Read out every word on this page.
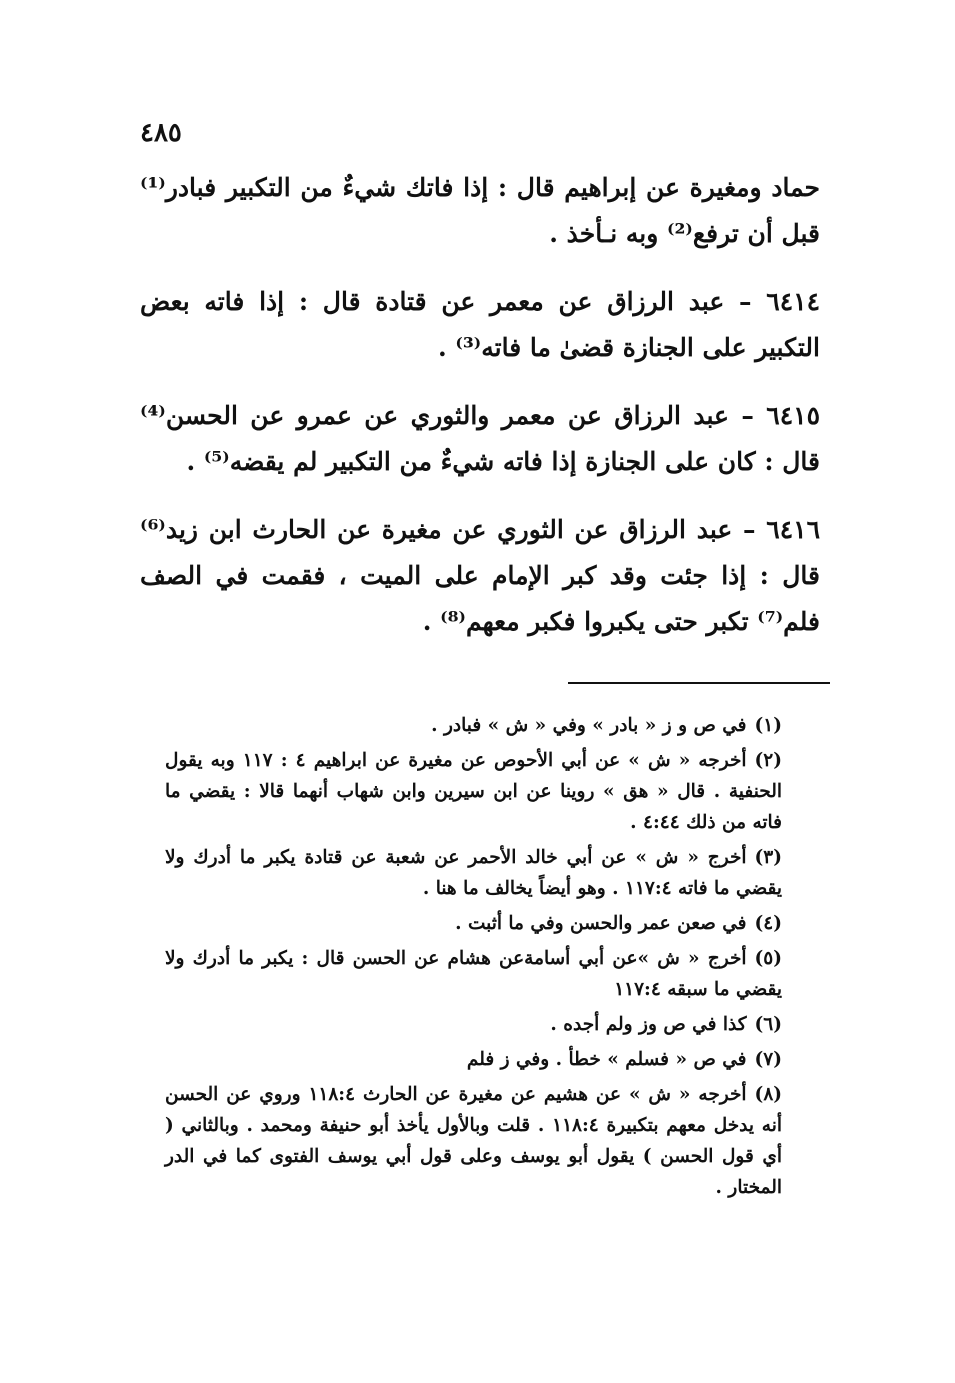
٤٨٥

حماد ومغيرة عن إبراهيم قال : إذا فاتك شيءٌ من التكبير فبادر⁽¹⁾ قبل أن ترفع⁽²⁾ وبه نـأخذ .

٦٤١٤ – عبد الرزاق عن معمر عن قتادة قال : إذا فاته بعض التكبير على الجنازة قضىٰ ما فاته⁽³⁾ .

٦٤١٥ – عبد الرزاق عن معمر والثوري عن عمرو عن الحسن⁽⁴⁾ قال : كان على الجنازة إذا فاته شيءٌ من التكبير لم يقضه⁽⁵⁾ .

٦٤١٦ – عبد الرزاق عن الثوري عن مغيرة عن الحارث ابن زيد⁽⁶⁾ قال : إذا جئت وقد كبر الإمام على الميت ، فقمت في الصف فلم⁽⁷⁾ تكبر حتى يكبروا فكبر معهم⁽⁸⁾ .

(١)في ص و ز « بادر » وفي « ش » فبادر .

(٢)أخرجه « ش » عن أبي الأحوص عن مغيرة عن ابراهيم ٤ : ١١٧ وبه يقول الحنفية . قال « هق » روينا عن ابن سيرين وابن شهاب أنهما قالا : يقضي ما فاته من ذلك ٤:٤٤ .

(٣)أخرج « ش » عن أبي خالد الأحمر عن شعبة عن قتادة يكبر ما أدرك ولا يقضي ما فاته ١١٧:٤ . وهو أيضاً يخالف ما هنا .

(٤)في صعن عمر والحسن وفي ما أثبت .

(٥)أخرج « ش »عن أبي أسامةعن هشام عن الحسن قال : يكبر ما أدرك ولا يقضي ما سبقه ١١٧:٤

(٦)كذا في ص وز ولم أجده .

(٧)في ص « فسلم » خطأ . وفي ز فلم

(٨)أخرجه « ش » عن هشيم عن مغيرة عن الحارث ١١٨:٤ وروي عن الحسن أنه يدخل معهم بتكبيرة ١١٨:٤ . قلت وبالأول يأخذ أبو حنيفة ومحمد . وبالثاني ( أي قول الحسن ) يقول أبو يوسف وعلى قول أبي يوسف الفتوى كما في الدر المختار .
